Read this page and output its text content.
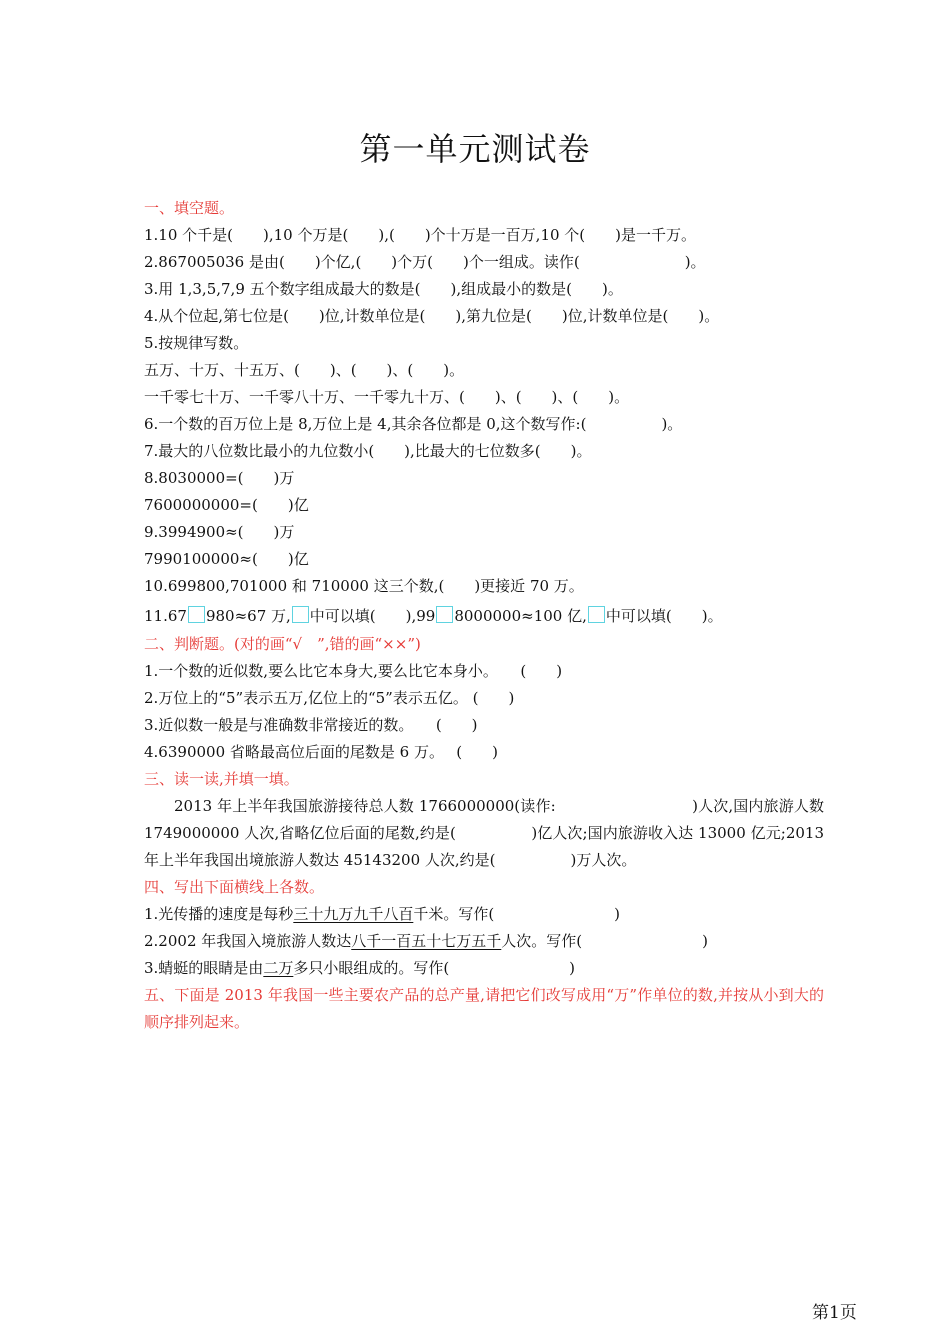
第一单元测试卷
一、填空题。
1.10 个千是(　　),10 个万是(　　),(　　)个十万是一百万,10 个(　　)是一千万。
2.867005036 是由(　　)个亿,(　　)个万(　　)个一组成。读作(　　　　　　　)。
3.用 1,3,5,7,9 五个数字组成最大的数是(　　),组成最小的数是(　　)。
4.从个位起,第七位是(　　)位,计数单位是(　　),第九位是(　　)位,计数单位是(　　)。
5.按规律写数。
五万、十万、十五万、(　　)、(　　)、(　　)。
一千零七十万、一千零八十万、一千零九十万、(　　)、(　　)、(　　)。
6.一个数的百万位上是 8,万位上是 4,其余各位都是 0,这个数写作:(　　　　　)。
7.最大的八位数比最小的九位数小(　　),比最大的七位数多(　　)。
8.8030000=(　　)万
7600000000=(　　)亿
9.3994900≈(　　)万
7990100000≈(　　)亿
10.699800,701000 和 710000 这三个数,(　　)更接近 70 万。
11.67 980≈67 万, 中可以填(　　),99 8000000≈100 亿, 中可以填(　　)。
二、判断题。(对的画“√　”,错的画“××”)
1.一个数的近似数,要么比它本身大,要么比它本身小。　　(　　)
2.万位上的“5”表示五万,亿位上的“5”表示五亿。 (　　)
3.近似数一般是与准确数非常接近的数。　　(　　)
4.6390000 省略最高位后面的尾数是 6 万。　 (　　)
三、读一读,并填一填。
2013 年上半年我国旅游接待总人数 1766000000(读作:　　　　　　　　　)人次,国内旅游人数 1749000000 人次,省略亿位后面的尾数,约是(　　　　　)亿人次;国内旅游收入达 13000 亿元;2013 年上半年我国出境旅游人数达 45143200 人次,约是(　　　　　)万人次。
四、写出下面横线上各数。
1.光传播的速度是每秒三十九万九千八百千米。写作(　　　　　　　　)
2.2002 年我国入境旅游人数达八千一百五十七万五千人次。写作(　　　　　　　　)
3.蜻蜓的眼睛是由二万多只小眼组成的。写作(　　　　　　　　)
五、下面是 2013 年我国一些主要农产品的总产量,请把它们改写成用“万”作单位的数,并按从小到大的顺序排列起来。
第1页
